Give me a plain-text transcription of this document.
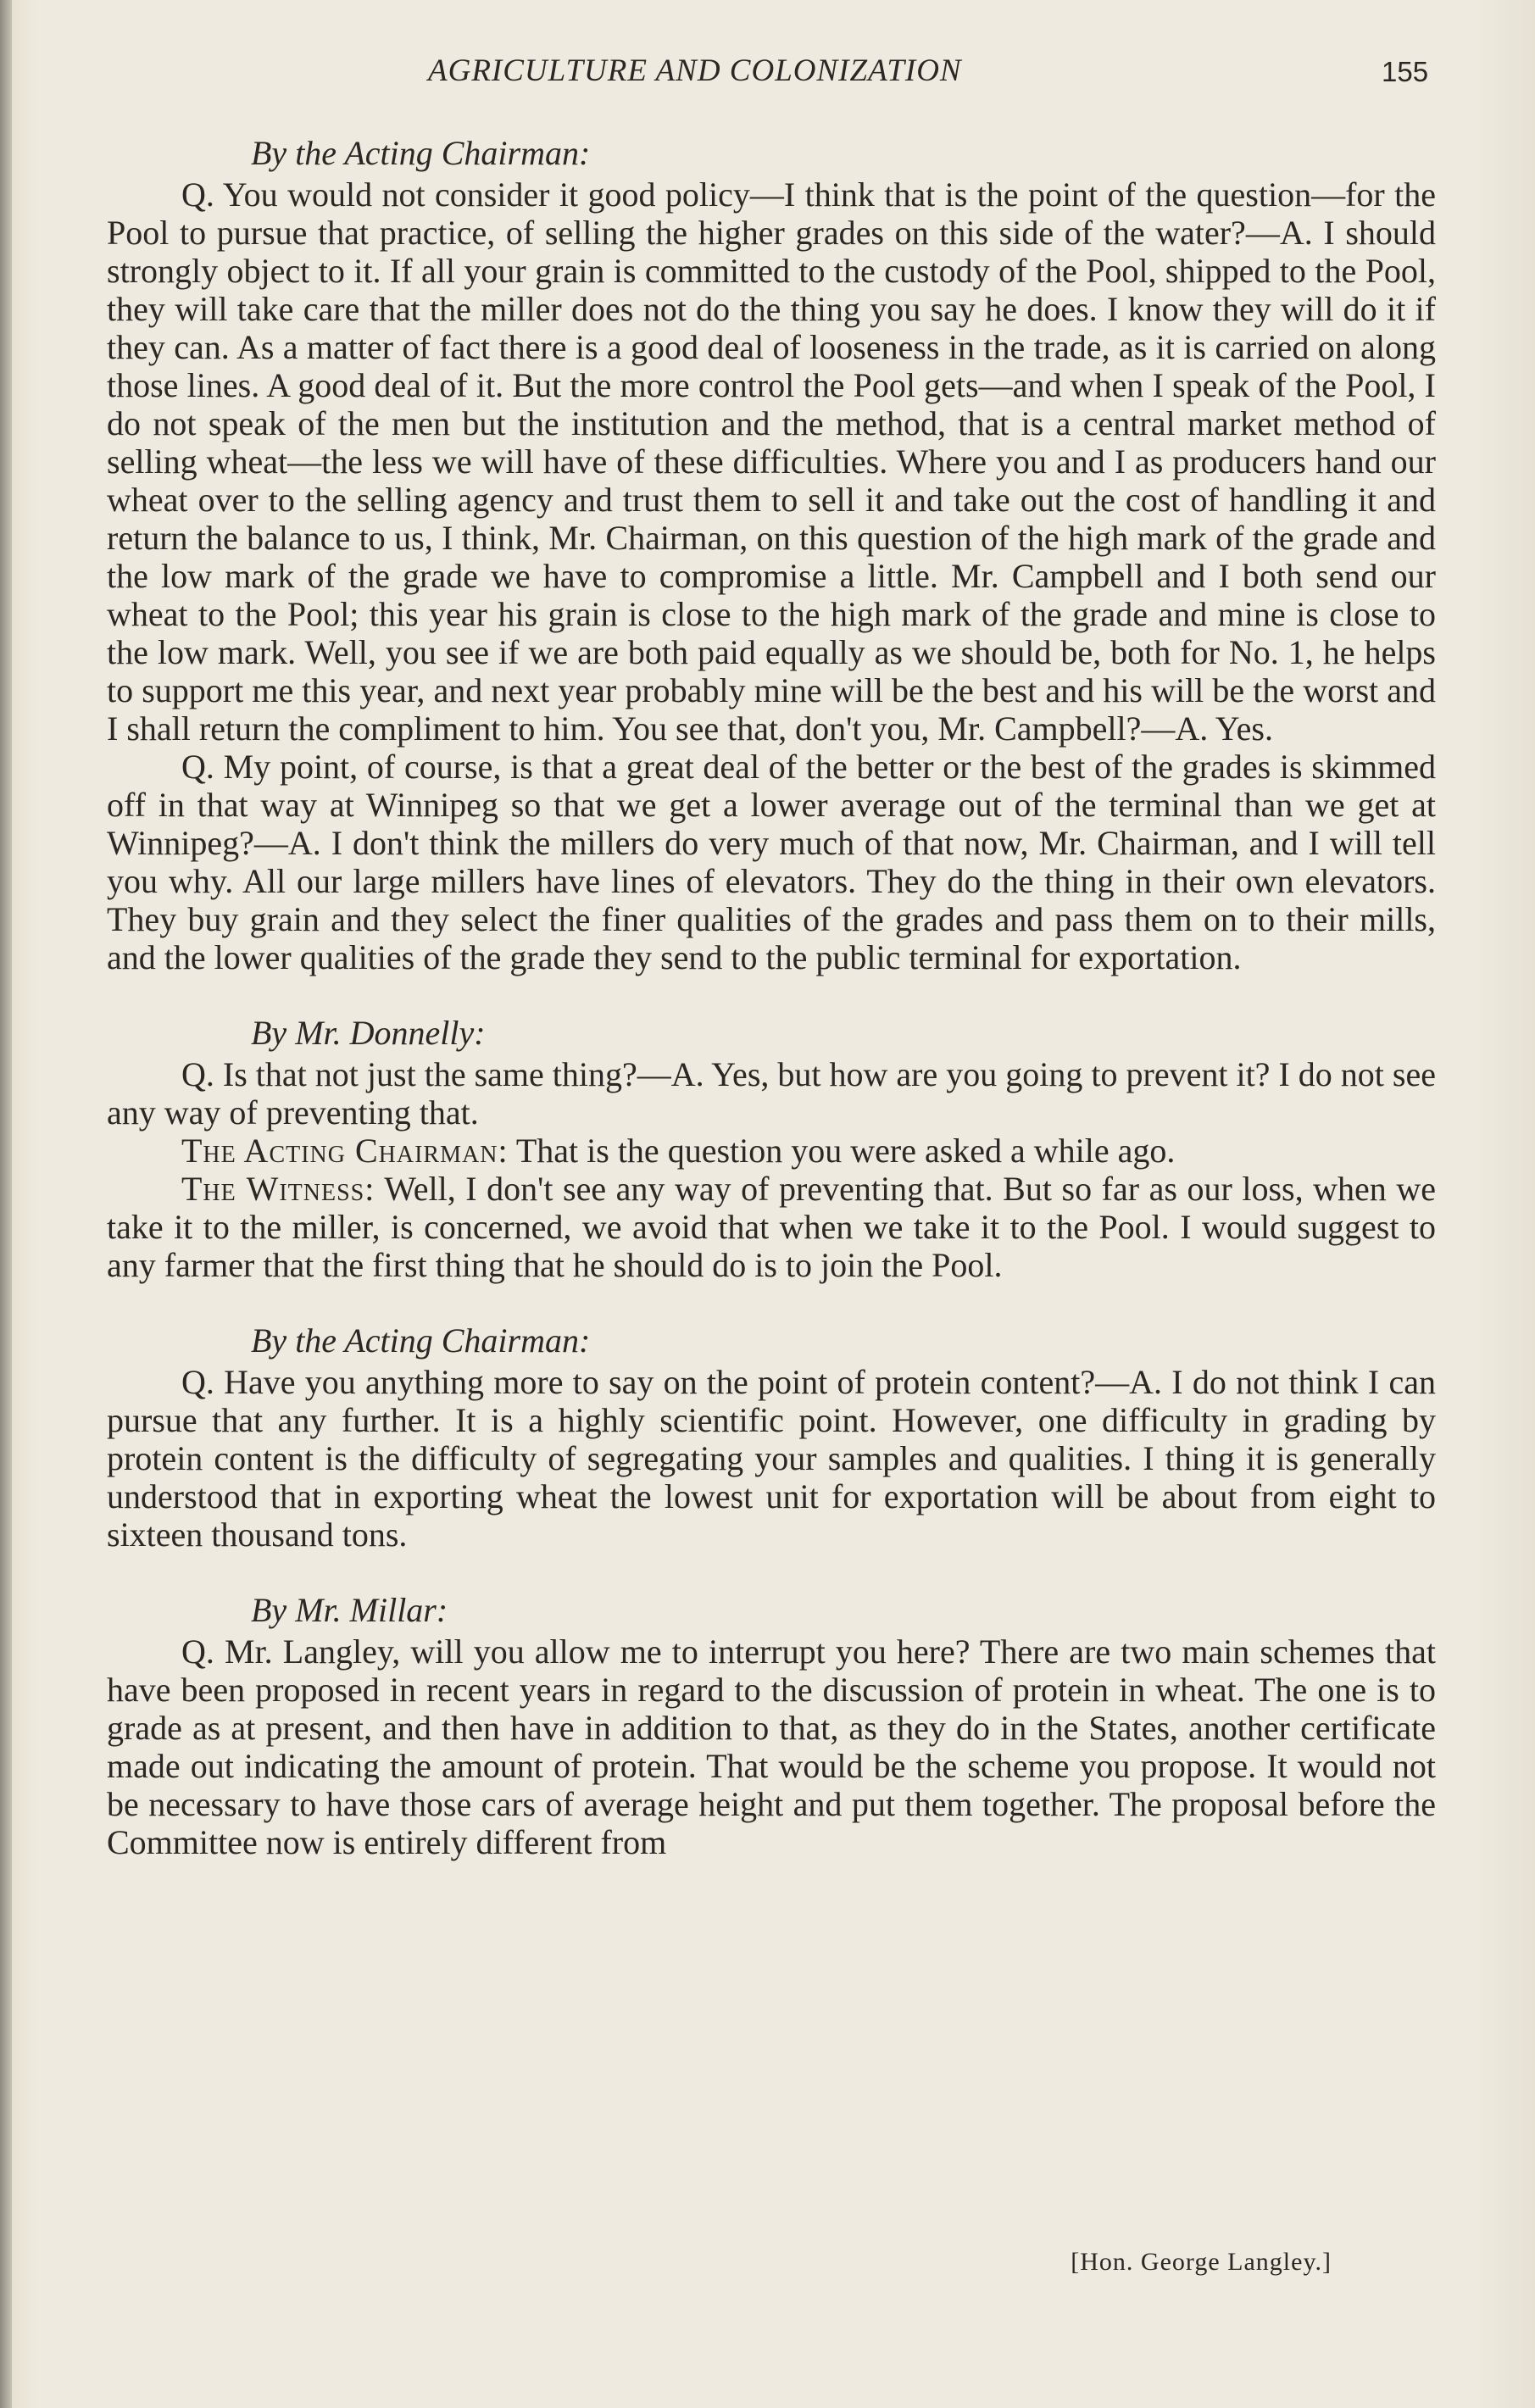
AGRICULTURE AND COLONIZATION	155

By the Acting Chairman:

Q. You would not consider it good policy—I think that is the point of the question—for the Pool to pursue that practice, of selling the higher grades on this side of the water?—A. I should strongly object to it. If all your grain is committed to the custody of the Pool, shipped to the Pool, they will take care that the miller does not do the thing you say he does. I know they will do it if they can. As a matter of fact there is a good deal of looseness in the trade, as it is carried on along those lines. A good deal of it. But the more control the Pool gets—and when I speak of the Pool, I do not speak of the men but the institution and the method, that is a central market method of selling wheat—the less we will have of these difficulties. Where you and I as producers hand our wheat over to the selling agency and trust them to sell it and take out the cost of handling it and return the balance to us, I think, Mr. Chairman, on this question of the high mark of the grade and the low mark of the grade we have to compromise a little. Mr. Campbell and I both send our wheat to the Pool; this year his grain is close to the high mark of the grade and mine is close to the low mark. Well, you see if we are both paid equally as we should be, both for No. 1, he helps to support me this year, and next year probably mine will be the best and his will be the worst and I shall return the compliment to him. You see that, don't you, Mr. Campbell?—A. Yes.

Q. My point, of course, is that a great deal of the better or the best of the grades is skimmed off in that way at Winnipeg so that we get a lower average out of the terminal than we get at Winnipeg?—A. I don't think the millers do very much of that now, Mr. Chairman, and I will tell you why. All our large millers have lines of elevators. They do the thing in their own elevators. They buy grain and they select the finer qualities of the grades and pass them on to their mills, and the lower qualities of the grade they send to the public terminal for exportation.

By Mr. Donnelly:

Q. Is that not just the same thing?—A. Yes, but how are you going to prevent it? I do not see any way of preventing that.

The Acting Chairman: That is the question you were asked a while ago.

The Witness: Well, I don't see any way of preventing that. But so far as our loss, when we take it to the miller, is concerned, we avoid that when we take it to the Pool. I would suggest to any farmer that the first thing that he should do is to join the Pool.

By the Acting Chairman:

Q. Have you anything more to say on the point of protein content?—A. I do not think I can pursue that any further. It is a highly scientific point. However, one difficulty in grading by protein content is the difficulty of segregating your samples and qualities. I thing it is generally understood that in exporting wheat the lowest unit for exportation will be about from eight to sixteen thousand tons.

By Mr. Millar:

Q. Mr. Langley, will you allow me to interrupt you here? There are two main schemes that have been proposed in recent years in regard to the discussion of protein in wheat. The one is to grade as at present, and then have in addition to that, as they do in the States, another certificate made out indicating the amount of protein. That would be the scheme you propose. It would not be necessary to have those cars of average height and put them together. The proposal before the Committee now is entirely different from

[Hon. George Langley.]
